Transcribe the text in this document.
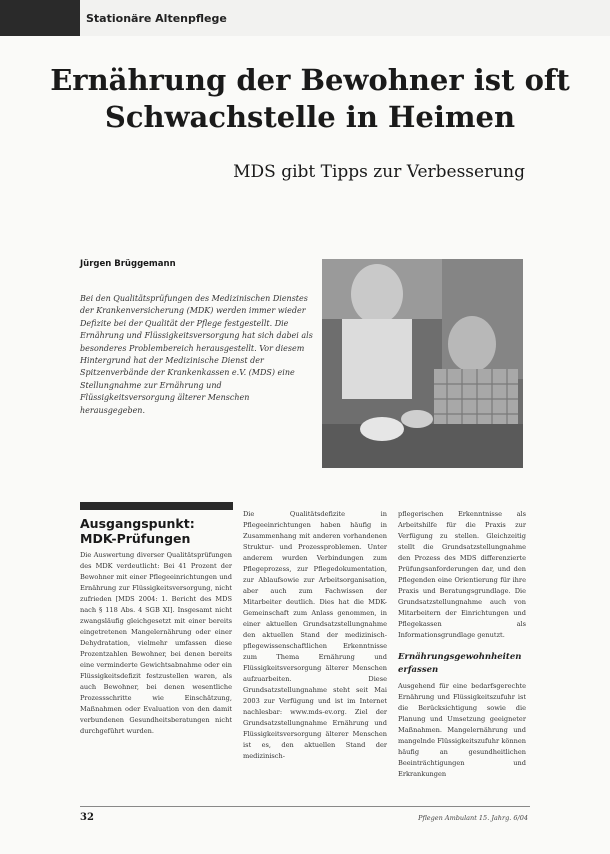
Stationäre Altenpflege
Ernährung der Bewohner ist oft Schwachstelle in Heimen
MDS gibt Tipps zur Verbesserung
Jürgen Brüggemann
Bei den Qualitätsprüfungen des Medizinischen Dienstes der Krankenversicherung (MDK) werden immer wieder Defizite bei der Qualität der Pflege festgestellt. Die Ernährung und Flüssigkeitsversorgung hat sich dabei als besonderes Problembereich herausgestellt. Vor diesem Hintergrund hat der Medizinische Dienst der Spitzenverbände der Krankenkassen e.V. (MDS) eine Stellungnahme zur Ernährung und Flüssigkeitsversorgung älterer Menschen herausgegeben.
Ausgangspunkt: MDK-Prüfungen

Die Auswertung diverser Qualitätsprüfungen des MDK verdeutlicht: Bei 41 Prozent der Bewohner mit einer Pflegeeinrichtungen und Ernährung zur Flüssigkeitsversorgung, nicht zufrieden [MDS 2004: 1. Bericht des MDS nach § 118 Abs. 4 SGB XI]. Insgesamt nicht zwangsläufig gleichgesetzt mit einer bereits eingetretenen Mangelernährung oder einer Dehydratation, vielmehr umfassen diese Prozentzahlen Bewohner, bei denen bereits eine verminderte Gewichtsabnahme oder ein Flüssigkeitsdefizit festzustellen waren, als auch Bewohner, bei denen wesentliche Prozessschritte wie Einschätzung, Maßnahmen oder Evaluation von den damit verbundenen Gesundheitsberatungen nicht durchgeführt wurden.

Die Qualitätsdefizite in Pflegeeinrichtungen haben häufig in Zusammenhang mit anderen vorhandenen Struktur- und Prozessproblemen. Unter anderem wurden Verbindungen zum Pflegeprozess, zur Pflegedokumentation, zur Ablaufsowie zur Arbeitsorganisation, aber auch zum Fachwissen der Mitarbeiter deutlich. Dies hat die MDK-Gemeinschaft zum Anlass genommen, in einer aktuellen Grundsatzstellungnahme den aktuellen Stand der medizinisch-pflegewissenschaftlichen Erkenntnisse zum Thema Ernährung und Flüssigkeitsversorgung älterer Menschen aufzuarbeiten. Diese Grundsatzstellungnahme steht seit Mai 2003 zur Verfügung und ist im Internet nachlesbar: www.mds-ev.org. Ziel der Grundsatzstellungnahme Ernährung und Flüssigkeitsversorgung älterer Menschen ist es, den aktuellen Stand der medizinisch-

pflegerischen Erkenntnisse als Arbeitshilfe für die Praxis zur Verfügung zu stellen. Gleichzeitig stellt die Grundsatzstellungnahme den Prozess des MDS differenzierte Prüfungsanforderungen dar, und den Pflegenden eine Orientierung für ihre Praxis und Beratungsgrundlage. Die Grundsatzstellungnahme auch von Mitarbeitern der Einrichtungen und Pflegekassen als Informationsgrundlage genutzt.

Ernährungsgewohnheiten erfassen

Ausgehend für eine bedarfsgerechte Ernährung und Flüssigkeitszufuhr ist die Berücksichtigung sowie die Planung und Umsetzung geeigneter Maßnahmen. Mangelernährung und mangelnde Flüssigkeitszufuhr können häufig an gesundheitlichen Beeinträchtigungen und Erkrankungen

32	Pflegen Ambulant 15. Jahrg. 6/04
